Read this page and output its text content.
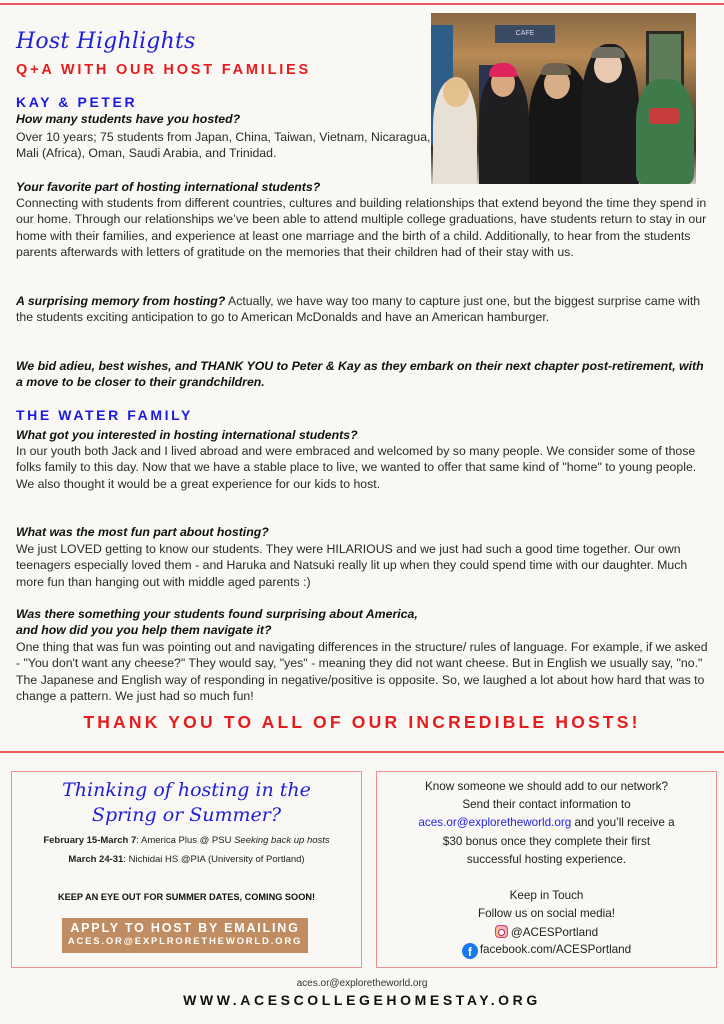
CAFE
Host Highlights
Q+A WITH OUR HOST FAMILIES
KAY & PETER
How many students have you hosted?
Over 10 years; 75 students from Japan, China, Taiwan, Vietnam, Nicaragua, Mali (Africa), Oman, Saudi Arabia, and Trinidad.
Your favorite part of hosting international students?
Connecting with students from different countries, cultures and building relationships that extend beyond the time they spend in our home. Through our relationships we’ve been able to attend multiple college graduations, have students return to stay in our home with their families, and experience at least one marriage and the birth of a child. Additionally, to hear from the students parents afterwards with letters of gratitude on the memories that their children had of their stay with us.
A surprising memory from hosting? Actually, we have way too many to capture just one, but the biggest surprise came with the students exciting anticipation to go to American McDonalds and have an American hamburger.
We bid adieu, best wishes, and THANK YOU to Peter & Kay as they embark on their next chapter post-retirement, with a move to be closer to their grandchildren.
THE WATER FAMILY
What got you interested in hosting international students?
In our youth both Jack and I lived abroad and were embraced and welcomed by so many people. We consider some of those folks family to this day. Now that we have a stable place to live, we wanted to offer that same kind of "home" to young people. We also thought it would be a great experience for our kids to host.
What was the most fun part about hosting?
We just LOVED getting to know our students. They were HILARIOUS and we just had such a good time together. Our own teenagers especially loved them - and Haruka and Natsuki really lit up when they could spend time with our daughter. Much more fun than hanging out with middle aged parents :)
Was there something your students found surprising about America,
and how did you you help them navigate it?
One thing that was fun was pointing out and navigating differences in the structure/ rules of language. For example, if we asked - "You don't want any cheese?" They would say, "yes" - meaning they did not want cheese. But in English we usually say, "no." The Japanese and English way of responding in negative/positive is opposite. So, we laughed a lot about how hard that was to change a pattern. We just had so much fun!
THANK YOU TO ALL OF OUR INCREDIBLE HOSTS!
Thinking of hosting in the
Spring or Summer?
February 15-March 7: America Plus @ PSU Seeking back up hosts
March 24-31: Nichidai HS @PIA (University of Portland)
KEEP AN EYE OUT FOR SUMMER DATES, COMING SOON!
APPLY TO HOST BY EMAILING
ACES.OR@EXPLRORETHEWORLD.ORG
Know someone we should add to our network?
Send their contact information to
aces.or@exploretheworld.org and you’ll receive a
$30 bonus once they complete their first
successful hosting experience.
Keep in Touch
Follow us on social media!
@ACESPortland
f facebook.com/ACESPortland
aces.or@exploretheworld.org
WWW.ACESCOLLEGEHOMESTAY.ORG
